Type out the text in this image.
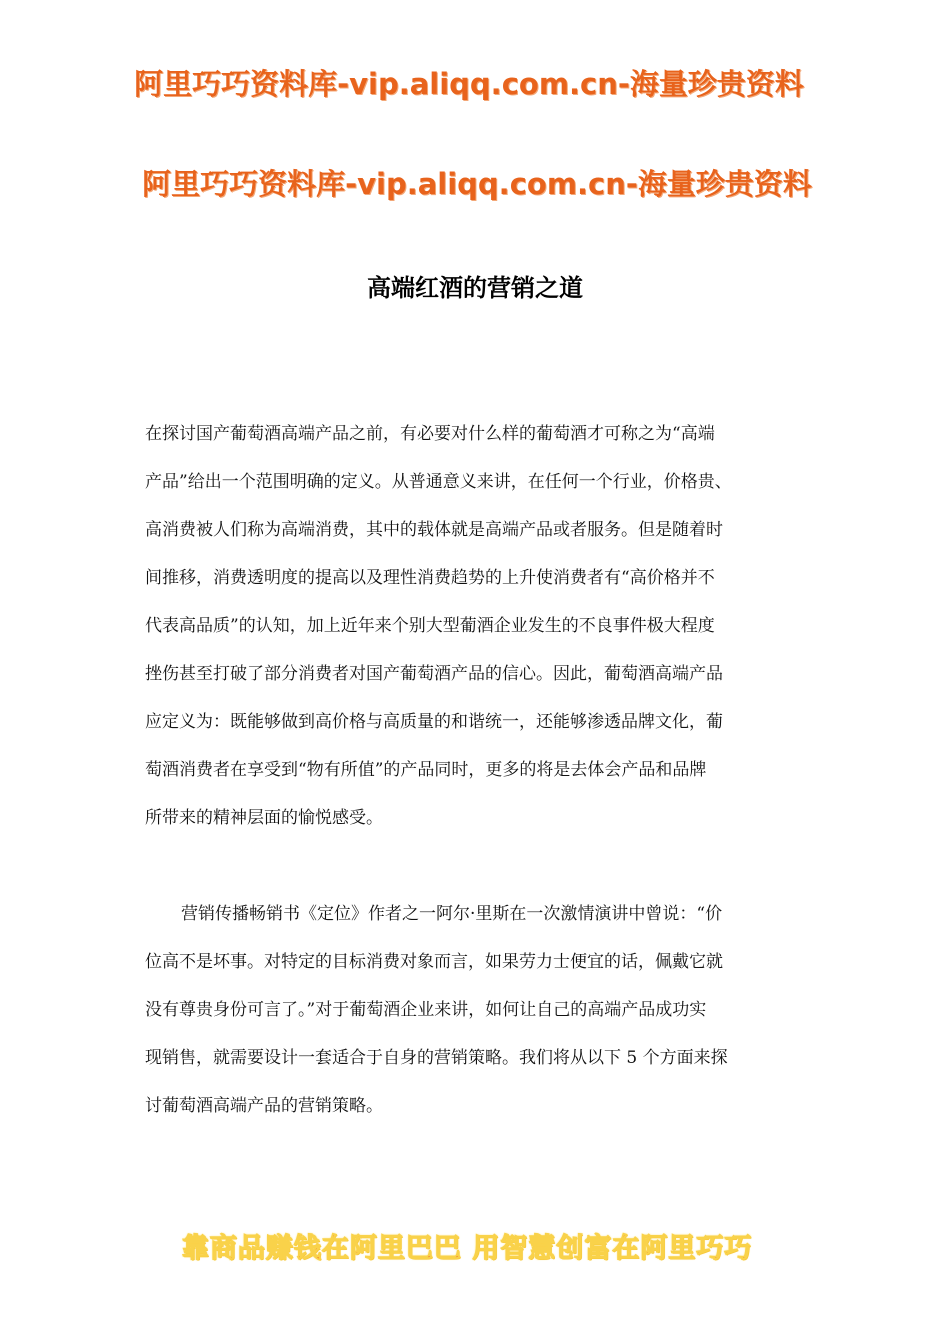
阿里巧巧资料库-vip.aliqq.com.cn-海量珍贵资料
阿里巧巧资料库-vip.aliqq.com.cn-海量珍贵资料
高端红酒的营销之道

在探讨国产葡萄酒高端产品之前，有必要对什么样的葡萄酒才可称之为“高端
产品”给出一个范围明确的定义。从普通意义来讲，在任何一个行业，价格贵、
高消费被人们称为高端消费，其中的载体就是高端产品或者服务。但是随着时
间推移，消费透明度的提高以及理性消费趋势的上升使消费者有“高价格并不
代表高品质”的认知，加上近年来个别大型葡酒企业发生的不良事件极大程度
挫伤甚至打破了部分消费者对国产葡萄酒产品的信心。因此，葡萄酒高端产品
应定义为：既能够做到高价格与高质量的和谐统一，还能够渗透品牌文化，葡
萄酒消费者在享受到“物有所值”的产品同时，更多的将是去体会产品和品牌
所带来的精神层面的愉悦感受。

营销传播畅销书《定位》作者之一阿尔·里斯在一次激情演讲中曾说：“价
位高不是坏事。对特定的目标消费对象而言，如果劳力士便宜的话，佩戴它就
没有尊贵身份可言了。”对于葡萄酒企业来讲，如何让自己的高端产品成功实
现销售，就需要设计一套适合于自身的营销策略。我们将从以下 5 个方面来探
讨葡萄酒高端产品的营销策略。

靠商品赚钱在阿里巴巴 用智慧创富在阿里巧巧
